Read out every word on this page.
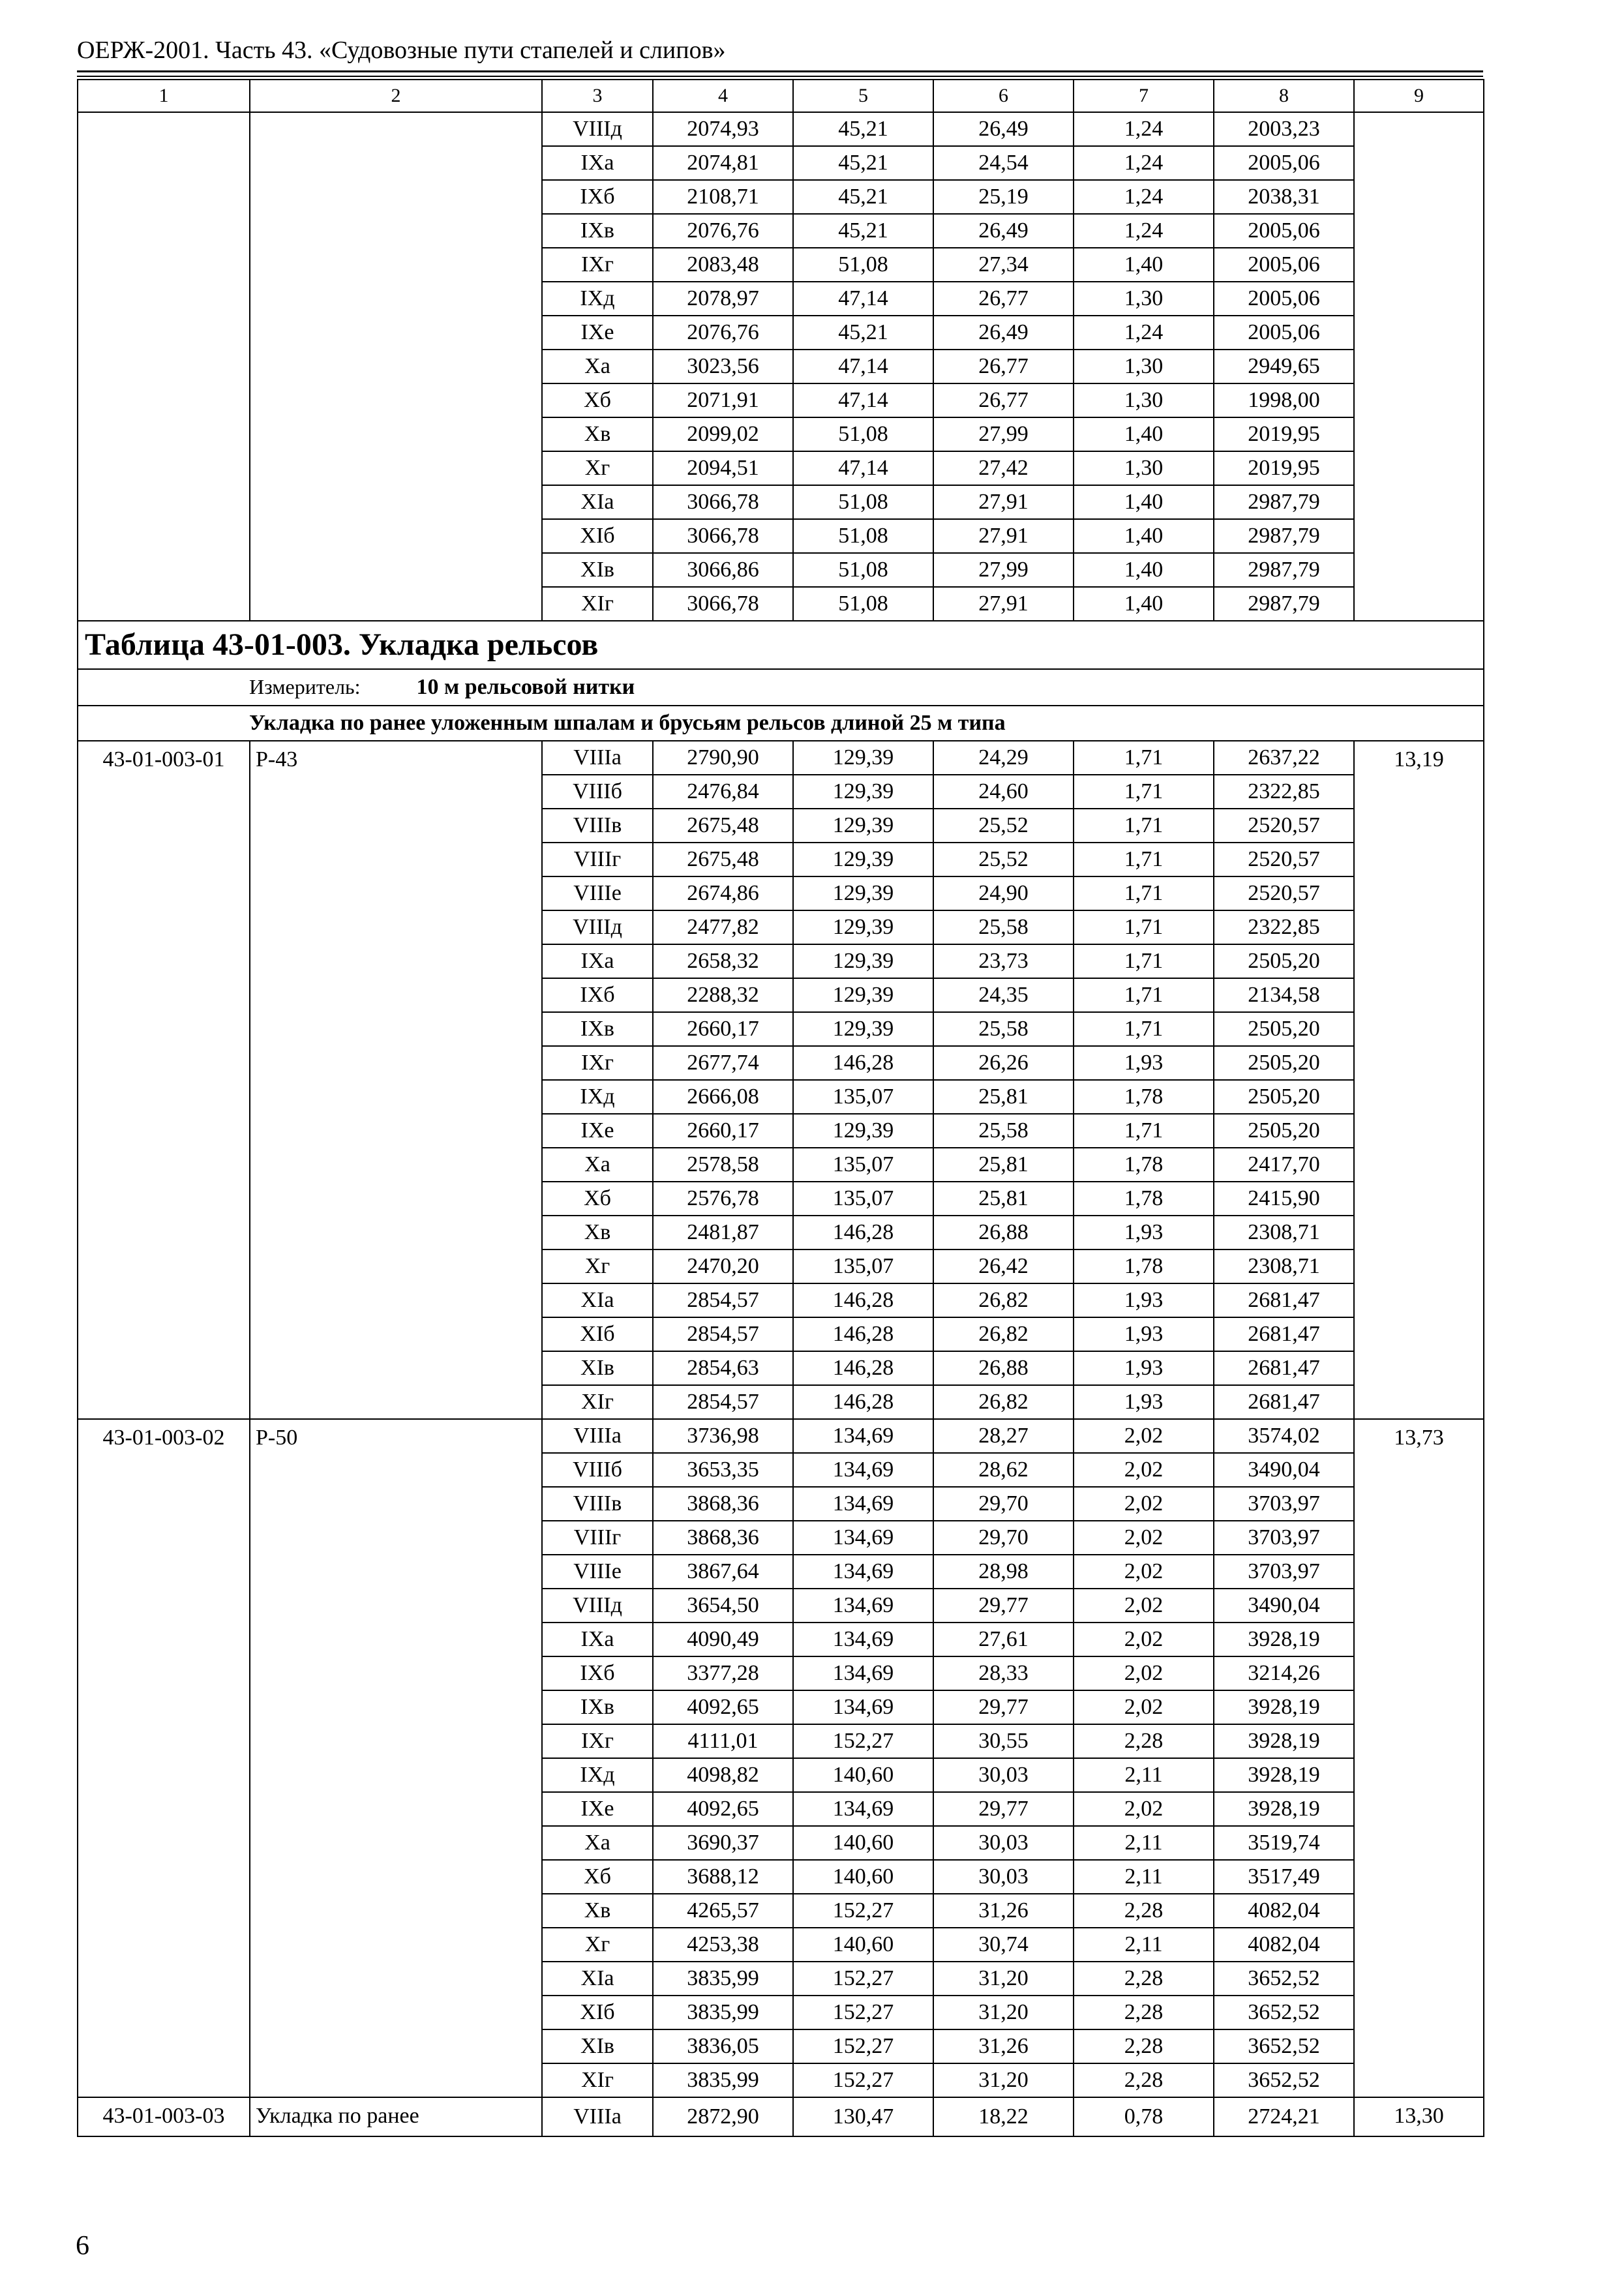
ОЕРЖ-2001. Часть 43. «Судовозные пути стапелей и слипов»
1	2	3	4	5	6	7	8	9
		VIIIд	2074,93	45,21	26,49	1,24	2003,23	
		IXа	2074,81	45,21	24,54	1,24	2005,06	
		IXб	2108,71	45,21	25,19	1,24	2038,31	
		IXв	2076,76	45,21	26,49	1,24	2005,06	
		IXг	2083,48	51,08	27,34	1,40	2005,06	
		IXд	2078,97	47,14	26,77	1,30	2005,06	
		IXе	2076,76	45,21	26,49	1,24	2005,06	
		Xа	3023,56	47,14	26,77	1,30	2949,65	
		Xб	2071,91	47,14	26,77	1,30	1998,00	
		Xв	2099,02	51,08	27,99	1,40	2019,95	
		Xг	2094,51	47,14	27,42	1,30	2019,95	
		XIа	3066,78	51,08	27,91	1,40	2987,79	
		XIб	3066,78	51,08	27,91	1,40	2987,79	
		XIв	3066,86	51,08	27,99	1,40	2987,79	
		XIг	3066,78	51,08	27,91	1,40	2987,79	
Таблица 43-01-003. Укладка рельсов								
Измеритель: 10 м рельсовой нитки								
Укладка по ранее уложенным шпалам и брусьям рельсов длиной 25 м типа								
43-01-003-01	Р-43	VIIIа	2790,90	129,39	24,29	1,71	2637,22	13,19
		VIIIб	2476,84	129,39	24,60	1,71	2322,85	
		VIIIв	2675,48	129,39	25,52	1,71	2520,57	
		VIIIг	2675,48	129,39	25,52	1,71	2520,57	
		VIIIе	2674,86	129,39	24,90	1,71	2520,57	
		VIIIд	2477,82	129,39	25,58	1,71	2322,85	
		IXа	2658,32	129,39	23,73	1,71	2505,20	
		IXб	2288,32	129,39	24,35	1,71	2134,58	
		IXв	2660,17	129,39	25,58	1,71	2505,20	
		IXг	2677,74	146,28	26,26	1,93	2505,20	
		IXд	2666,08	135,07	25,81	1,78	2505,20	
		IXе	2660,17	129,39	25,58	1,71	2505,20	
		Xа	2578,58	135,07	25,81	1,78	2417,70	
		Xб	2576,78	135,07	25,81	1,78	2415,90	
		Xв	2481,87	146,28	26,88	1,93	2308,71	
		Xг	2470,20	135,07	26,42	1,78	2308,71	
		XIа	2854,57	146,28	26,82	1,93	2681,47	
		XIб	2854,57	146,28	26,82	1,93	2681,47	
		XIв	2854,63	146,28	26,88	1,93	2681,47	
		XIг	2854,57	146,28	26,82	1,93	2681,47	
43-01-003-02	Р-50	VIIIа	3736,98	134,69	28,27	2,02	3574,02	13,73
		VIIIб	3653,35	134,69	28,62	2,02	3490,04	
		VIIIв	3868,36	134,69	29,70	2,02	3703,97	
		VIIIг	3868,36	134,69	29,70	2,02	3703,97	
		VIIIе	3867,64	134,69	28,98	2,02	3703,97	
		VIIIд	3654,50	134,69	29,77	2,02	3490,04	
		IXа	4090,49	134,69	27,61	2,02	3928,19	
		IXб	3377,28	134,69	28,33	2,02	3214,26	
		IXв	4092,65	134,69	29,77	2,02	3928,19	
		IXг	4111,01	152,27	30,55	2,28	3928,19	
		IXд	4098,82	140,60	30,03	2,11	3928,19	
		IXе	4092,65	134,69	29,77	2,02	3928,19	
		Xа	3690,37	140,60	30,03	2,11	3519,74	
		Xб	3688,12	140,60	30,03	2,11	3517,49	
		Xв	4265,57	152,27	31,26	2,28	4082,04	
		Xг	4253,38	140,60	30,74	2,11	4082,04	
		XIа	3835,99	152,27	31,20	2,28	3652,52	
		XIб	3835,99	152,27	31,20	2,28	3652,52	
		XIв	3836,05	152,27	31,26	2,28	3652,52	
		XIг	3835,99	152,27	31,20	2,28	3652,52	
43-01-003-03	Укладка по ранее	VIIIа	2872,90	130,47	18,22	0,78	2724,21	13,30
6
